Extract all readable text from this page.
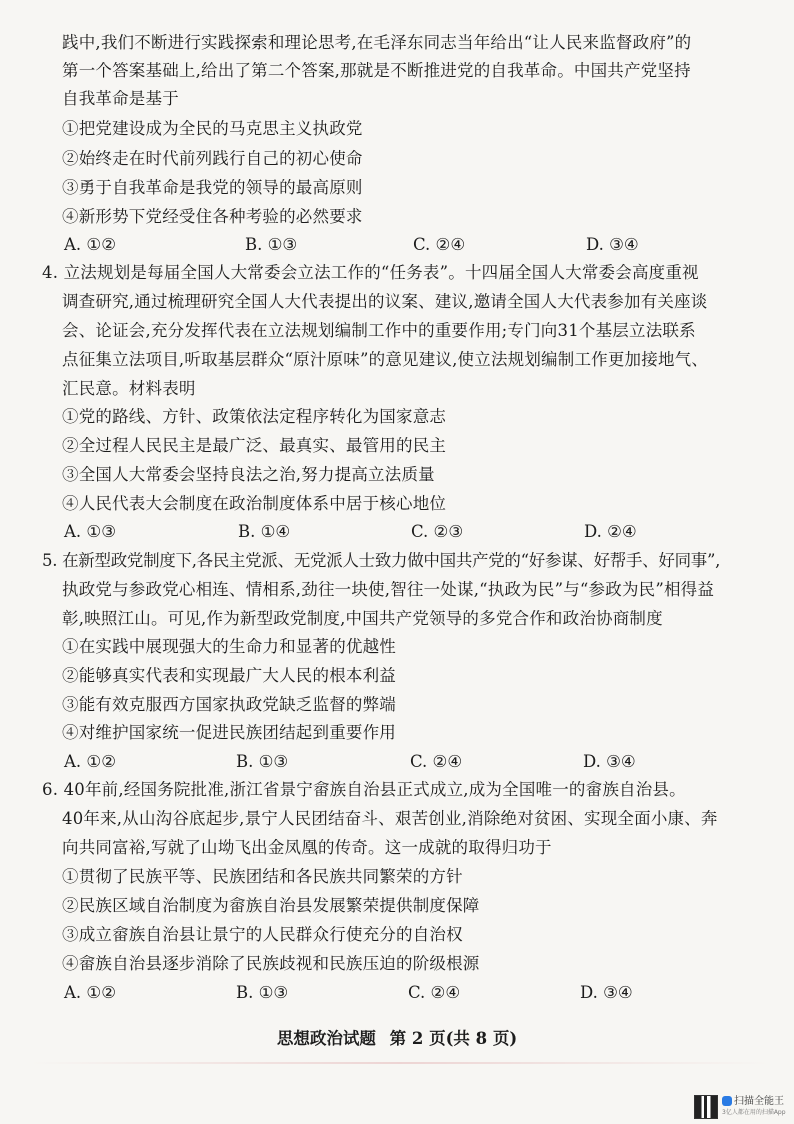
践中,我们不断进行实践探索和理论思考,在毛泽东同志当年给出“让人民来监督政府”的
第一个答案基础上,给出了第二个答案,那就是不断推进党的自我革命。中国共产党坚持
自我革命是基于
①把党建设成为全民的马克思主义执政党
②始终走在时代前列践行自己的初心使命
③勇于自我革命是我党的领导的最高原则
④新形势下党经受住各种考验的必然要求
A. ①②	B. ①③	C. ②④	D. ③④
4. 立法规划是每届全国人大常委会立法工作的“任务表”。十四届全国人大常委会高度重视
调查研究,通过梳理研究全国人大代表提出的议案、建议,邀请全国人大代表参加有关座谈
会、论证会,充分发挥代表在立法规划编制工作中的重要作用;专门向31个基层立法联系
点征集立法项目,听取基层群众“原汁原味”的意见建议,使立法规划编制工作更加接地气、
汇民意。材料表明
①党的路线、方针、政策依法定程序转化为国家意志
②全过程人民民主是最广泛、最真实、最管用的民主
③全国人大常委会坚持良法之治,努力提高立法质量
④人民代表大会制度在政治制度体系中居于核心地位
A. ①③	B. ①④	C. ②③	D. ②④
5. 在新型政党制度下,各民主党派、无党派人士致力做中国共产党的“好参谋、好帮手、好同事”,
执政党与参政党心相连、情相系,劲往一块使,智往一处谋,“执政为民”与“参政为民”相得益
彰,映照江山。可见,作为新型政党制度,中国共产党领导的多党合作和政治协商制度
①在实践中展现强大的生命力和显著的优越性
②能够真实代表和实现最广大人民的根本利益
③能有效克服西方国家执政党缺乏监督的弊端
④对维护国家统一促进民族团结起到重要作用
A. ①②	B. ①③	C. ②④	D. ③④
6. 40年前,经国务院批准,浙江省景宁畲族自治县正式成立,成为全国唯一的畲族自治县。
40年来,从山沟谷底起步,景宁人民团结奋斗、艰苦创业,消除绝对贫困、实现全面小康、奔
向共同富裕,写就了山坳飞出金凤凰的传奇。这一成就的取得归功于
①贯彻了民族平等、民族团结和各民族共同繁荣的方针
②民族区域自治制度为畲族自治县发展繁荣提供制度保障
③成立畲族自治县让景宁的人民群众行使充分的自治权
④畲族自治县逐步消除了民族歧视和民族压迫的阶级根源
A. ①②	B. ①③	C. ②④	D. ③④
思想政治试题 第 2 页(共 8 页)
扫描全能王
3亿人都在用的扫描App
